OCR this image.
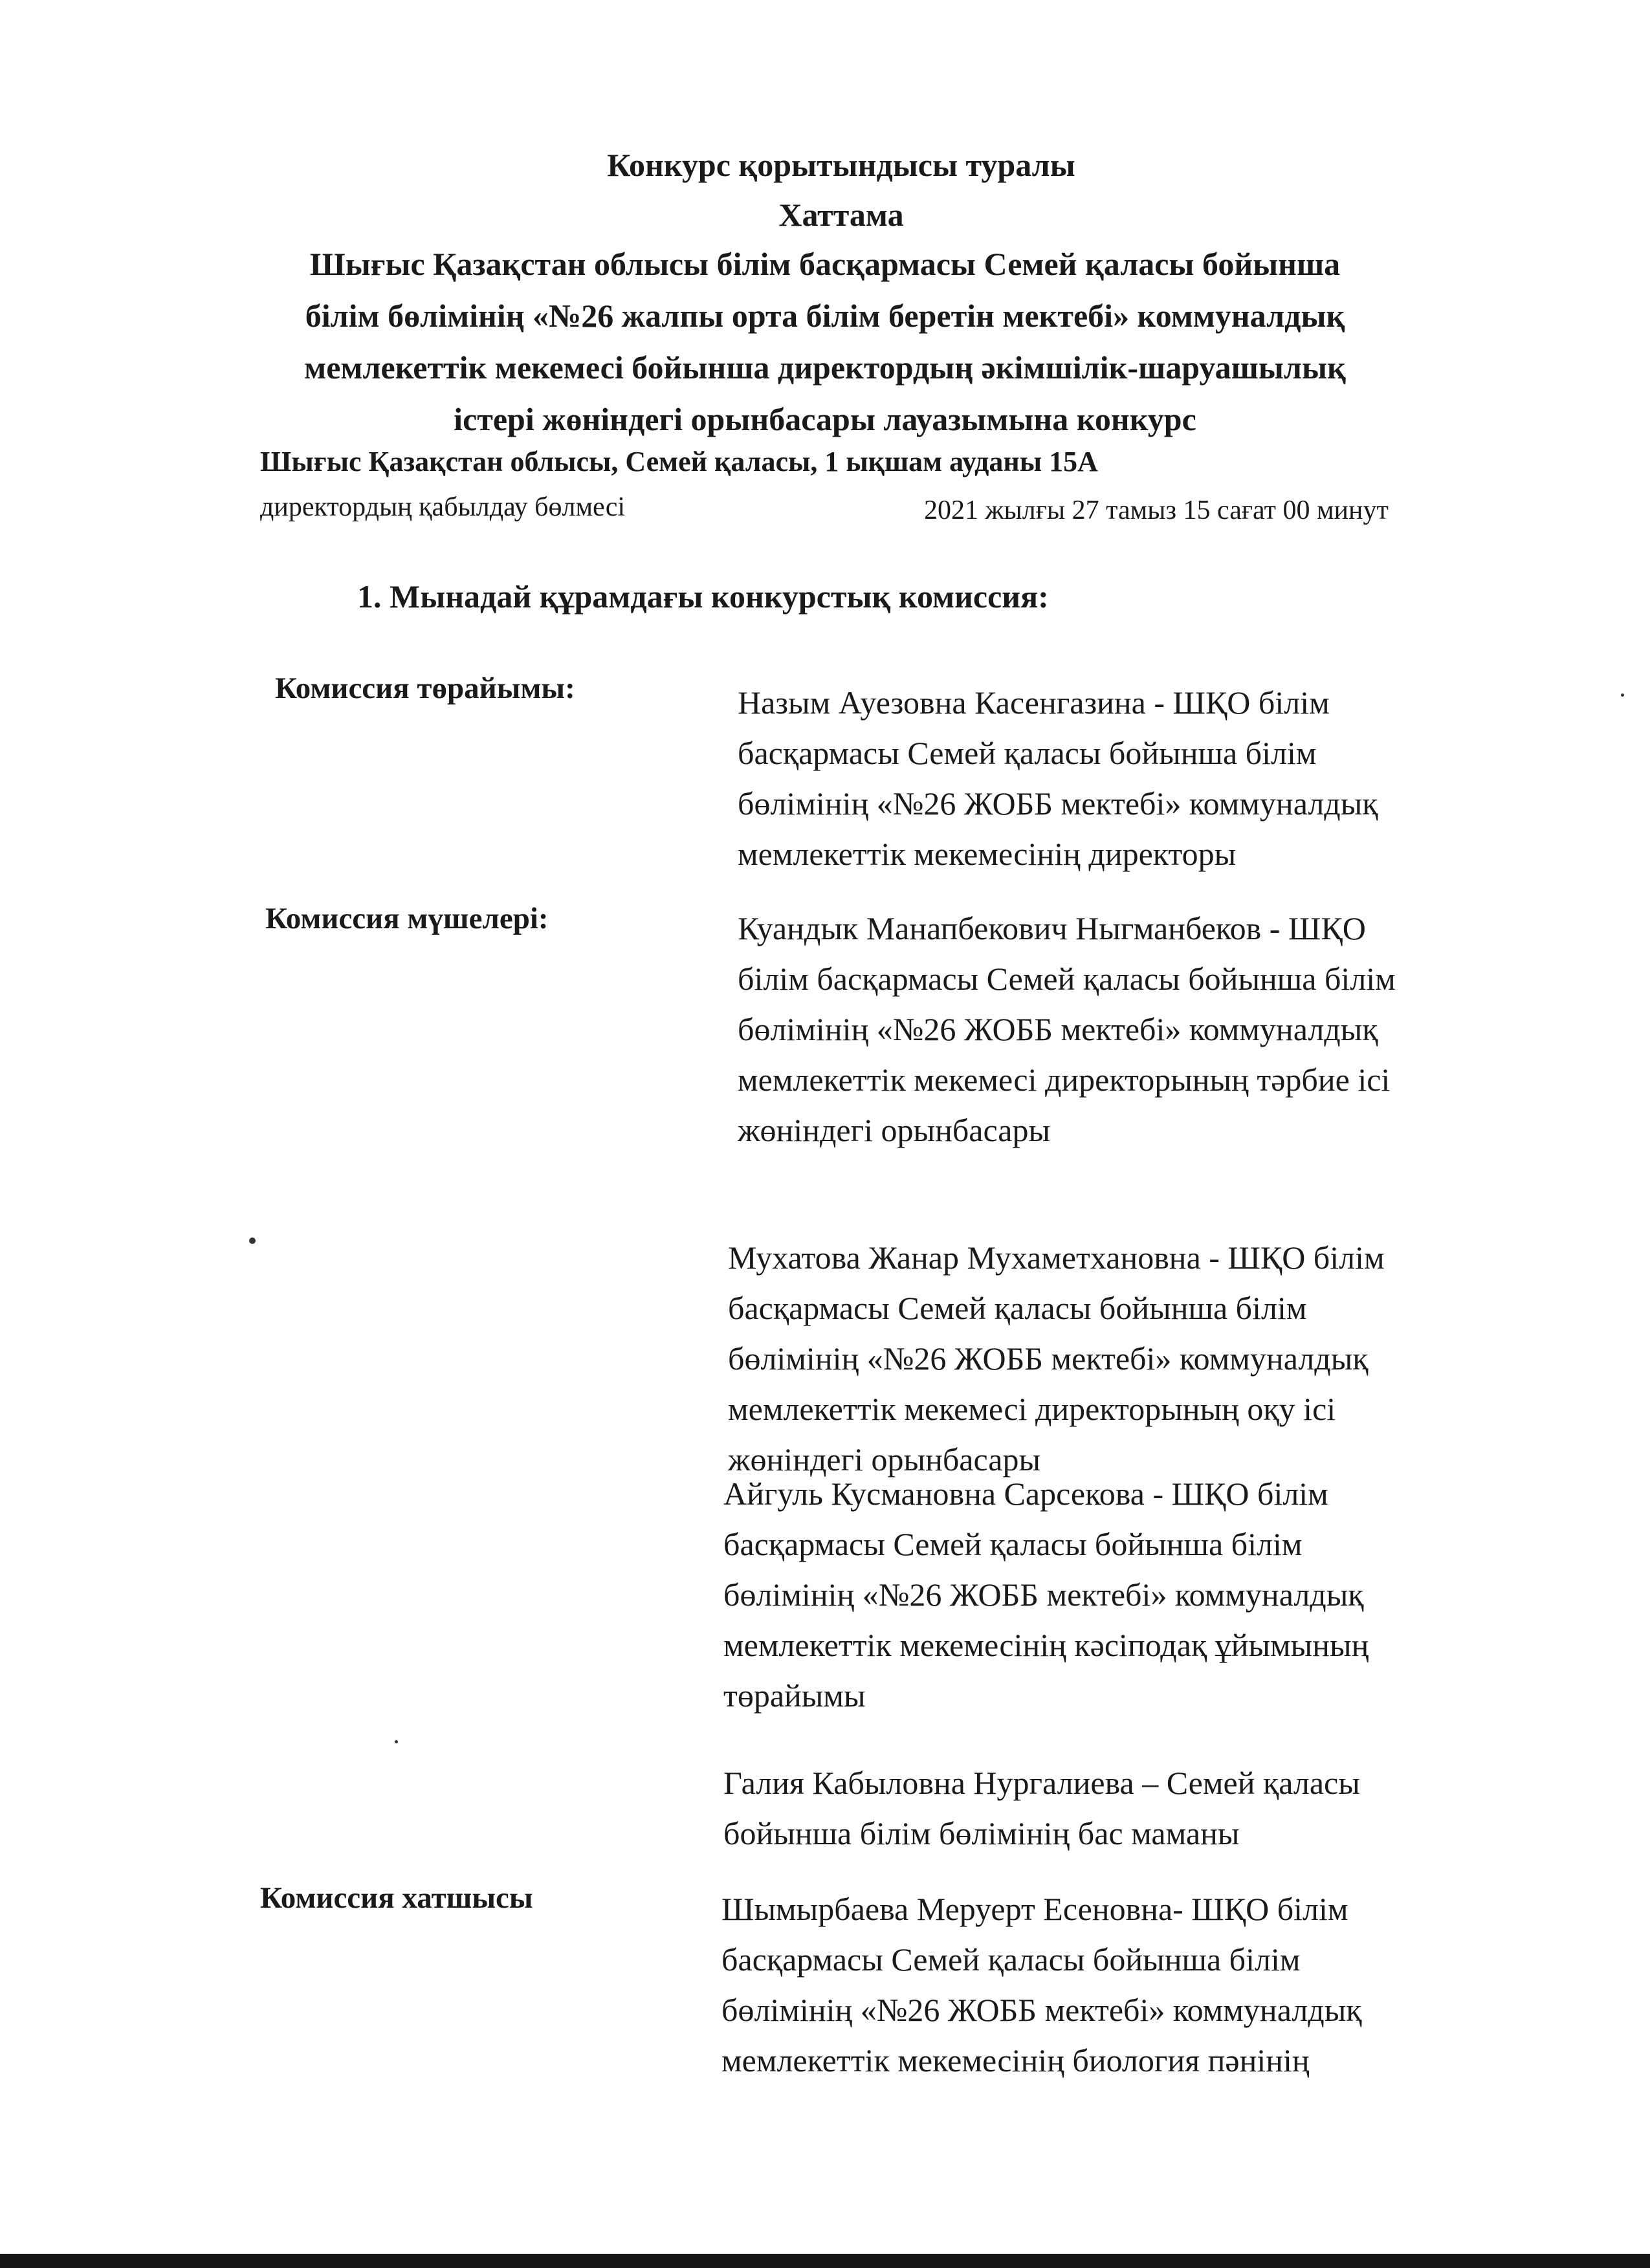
Конкурс қорытындысы туралы
Хаттама
Шығыс Қазақстан облысы білім басқармасы Семей қаласы бойынша
білім бөлімінің «№26 жалпы орта білім беретін мектебі» коммуналдық
мемлекеттік мекемесі бойынша директордың әкімшілік-шаруашылық
істері жөніндегі орынбасары лауазымына конкурс
Шығыс Қазақстан облысы, Семей қаласы, 1 ықшам ауданы 15А
директордың қабылдау бөлмесі	2021 жылғы 27 тамыз 15 сағат 00 минут
1. Мынадай құрамдағы конкурстық комиссия:
Комиссия төрайымы:	Назым Ауезовна Касенгазина - ШҚО білім
басқармасы Семей қаласы бойынша білім
бөлімінің «№26 ЖОББ мектебі» коммуналдық
мемлекеттік мекемесінің директоры
Комиссия мүшелері:	Куандык Манапбекович Ныгманбеков - ШҚО
білім басқармасы Семей қаласы бойынша білім
бөлімінің «№26 ЖОББ мектебі» коммуналдық
мемлекеттік мекемесі директорының тәрбие ісі
жөніндегі орынбасары
Мухатова Жанар Мухаметхановна - ШҚО білім
басқармасы Семей қаласы бойынша білім
бөлімінің «№26 ЖОББ мектебі» коммуналдық
мемлекеттік мекемесі директорының оқу ісі
жөніндегі орынбасары
Айгуль Кусмановна Сарсекова - ШҚО білім
басқармасы Семей қаласы бойынша білім
бөлімінің «№26 ЖОББ мектебі» коммуналдық
мемлекеттік мекемесінің кәсіподақ ұйымының
төрайымы
Галия Кабыловна Нургалиева – Семей қаласы
бойынша білім бөлімінің бас маманы
Комиссия хатшысы	Шымырбаева Меруерт Есеновна- ШҚО білім
басқармасы Семей қаласы бойынша білім
бөлімінің «№26 ЖОББ мектебі» коммуналдық
мемлекеттік мекемесінің биология пәнінің
